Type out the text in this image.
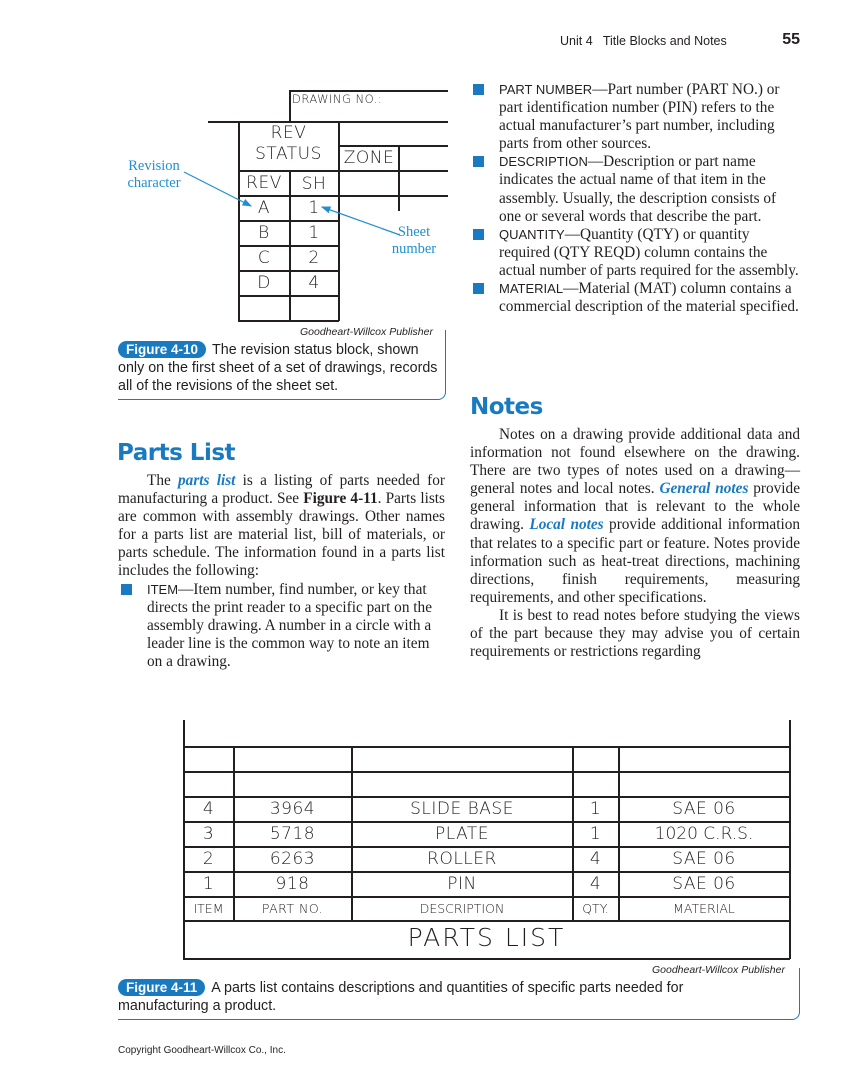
Unit 4   Title Blocks and Notes	55
DRAWING NO.:
ZONE
REV
STATUS
REV	SH
A	1
B	1
C	2
D	4
Revision
character
Sheet
number
Goodheart-Willcox Publisher
Figure 4-10 The revision status block, shown only on the first sheet of a set of drawings, records all of the revisions of the sheet set.
Parts List

The parts list is a listing of parts needed for manufacturing a product. See Figure 4-11. Parts lists are common with assembly drawings. Other names for a parts list are material list, bill of materials, or parts schedule. The information found in a parts list includes the following:

ITEM—Item number, find number, or key that directs the print reader to a specific part on the assembly drawing. A number in a circle with a leader line is the common way to note an item on a drawing.
PART NUMBER—Part number (PART NO.) or part identification number (PIN) refers to the actual manufacturer’s part number, including parts from other sources.
DESCRIPTION—Description or part name indicates the actual name of that item in the assembly. Usually, the description consists of one or several words that describe the part.
QUANTITY—Quantity (QTY) or quantity required (QTY REQD) column contains the actual number of parts required for the assembly.
MATERIAL—Material (MAT) column contains a commercial description of the material specified.
Notes

Notes on a drawing provide additional data and information not found elsewhere on the drawing. There are two types of notes used on a drawing—general notes and local notes. General notes provide general information that is relevant to the whole drawing. Local notes provide additional information that relates to a specific part or feature. Notes provide information such as heat-treat directions, machining directions, finish requirements, measuring requirements, and other specifications.

It is best to read notes before studying the views of the part because they may advise you of certain requirements or restrictions regarding

4	3964	SLIDE BASE	1	SAE 06
3	5718	PLATE	1	1020 C.R.S.
2	6263	ROLLER	4	SAE 06
1	918	PIN	4	SAE 06
ITEM	PART NO.	DESCRIPTION	QTY.	MATERIAL
PARTS LIST
Goodheart-Willcox Publisher
Figure 4-11 A parts list contains descriptions and quantities of specific parts needed for manufacturing a product.
Copyright Goodheart-Willcox Co., Inc.
